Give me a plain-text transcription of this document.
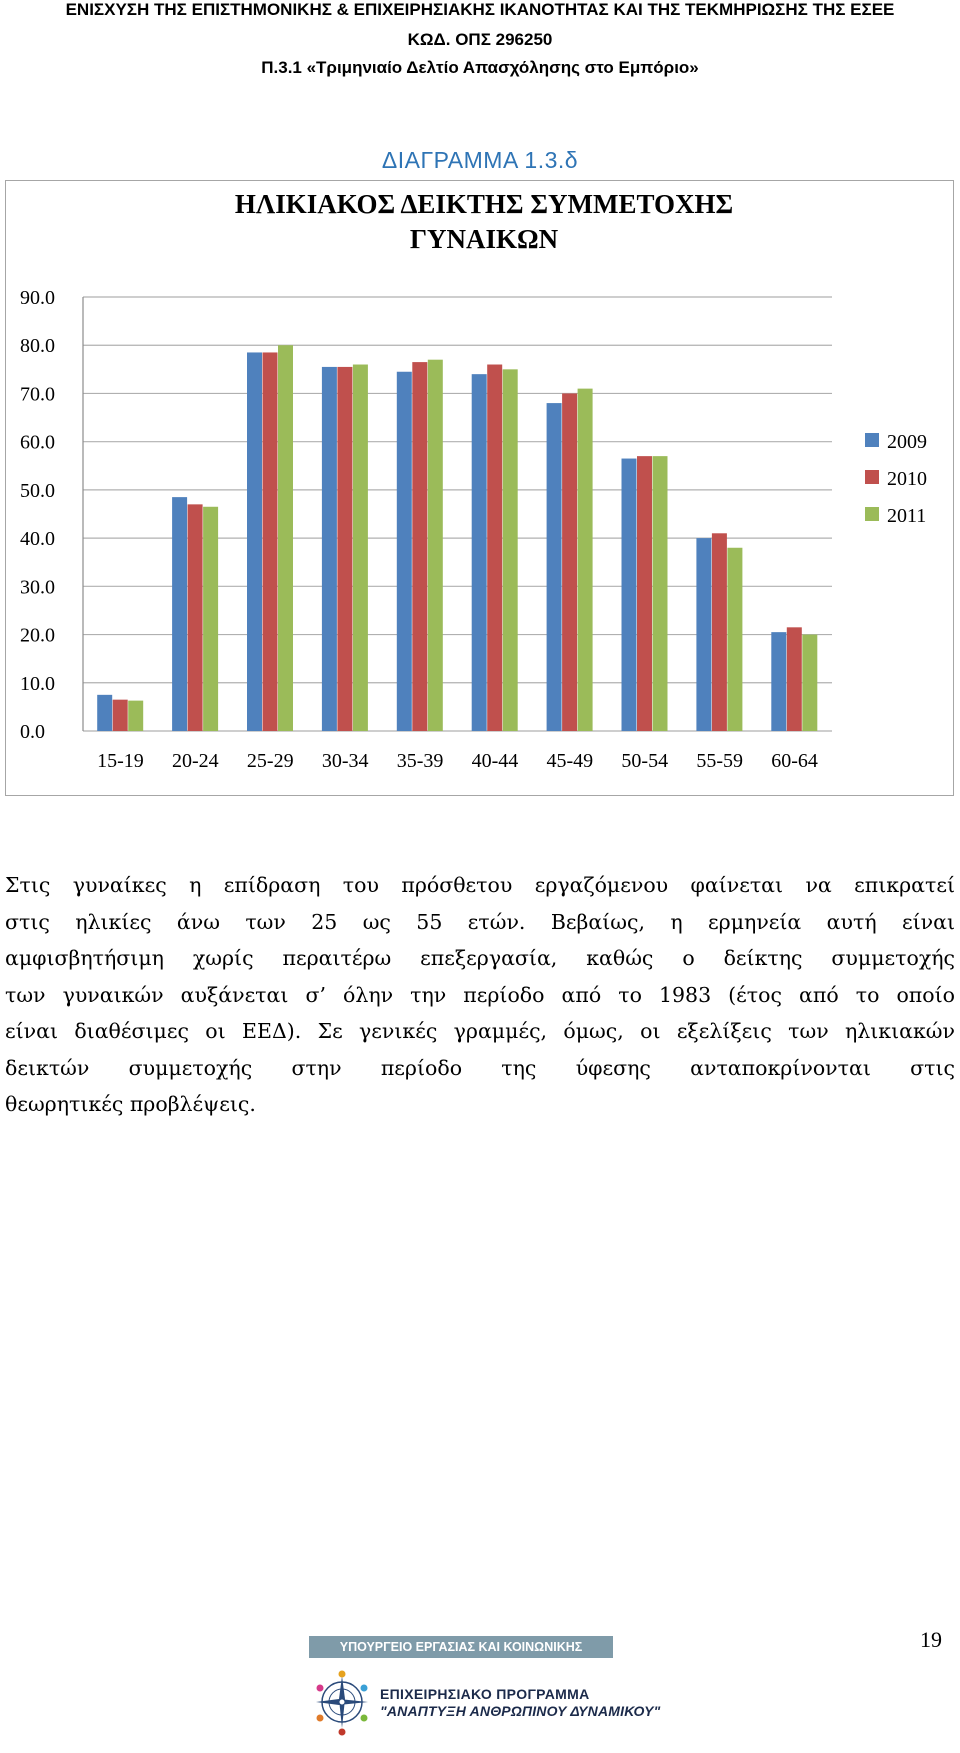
ΕΝΙΣΧΥΣΗ ΤΗΣ ΕΠΙΣΤΗΜΟΝΙΚΗΣ & ΕΠΙΧΕΙΡΗΣΙΑΚΗΣ ΙΚΑΝΟΤΗΤΑΣ ΚΑΙ ΤΗΣ ΤΕΚΜΗΡΙΩΣΗΣ ΤΗΣ ΕΣΕΕ
ΚΩΔ. ΟΠΣ 296250
Π.3.1 «Τριμηνιαίο Δελτίο Απασχόλησης στο Εμπόριο»
ΔΙΑΓΡΑΜΜΑ 1.3.δ
ΗΛΙΚΙΑΚΟΣ ΔΕΙΚΤΗΣ ΣΥΜΜΕΤΟΧΗΣ
ΓΥΝΑΙΚΩΝ
0.0
10.0
20.0
30.0
40.0
50.0
60.0
70.0
80.0
90.0
15-19 20-24 25-29 30-34 35-39 40-44 45-49 50-54 55-59 60-64
2009
2010
2011
Στις γυναίκες η επίδραση του πρόσθετου εργαζόμενου φαίνεται να επικρατεί
στις ηλικίες άνω των 25 ως 55 ετών. Βεβαίως, η ερμηνεία αυτή είναι
αμφισβητήσιμη χωρίς περαιτέρω επεξεργασία, καθώς ο δείκτης συμμετοχής
των γυναικών αυξάνεται σ’ όλην την περίοδο από το 1983 (έτος από το οποίο
είναι διαθέσιμες οι ΕΕΔ). Σε γενικές γραμμές, όμως, οι εξελίξεις των ηλικιακών
δεικτών συμμετοχής στην περίοδο της ύφεσης ανταποκρίνονται στις
θεωρητικές προβλέψεις.
19
ΥΠΟΥΡΓΕΙΟ ΕΡΓΑΣΙΑΣ ΚΑΙ ΚΟΙΝΩΝΙΚΗΣ ΑΣΦΑΛΙΣΗΣ
ΕΠΙΧΕΙΡΗΣΙΑΚΟ ΠΡΟΓΡΑΜΜΑ
"ΑΝΑΠΤΥΞΗ ΑΝΘΡΩΠΙΝΟΥ ΔΥΝΑΜΙΚΟΥ"
